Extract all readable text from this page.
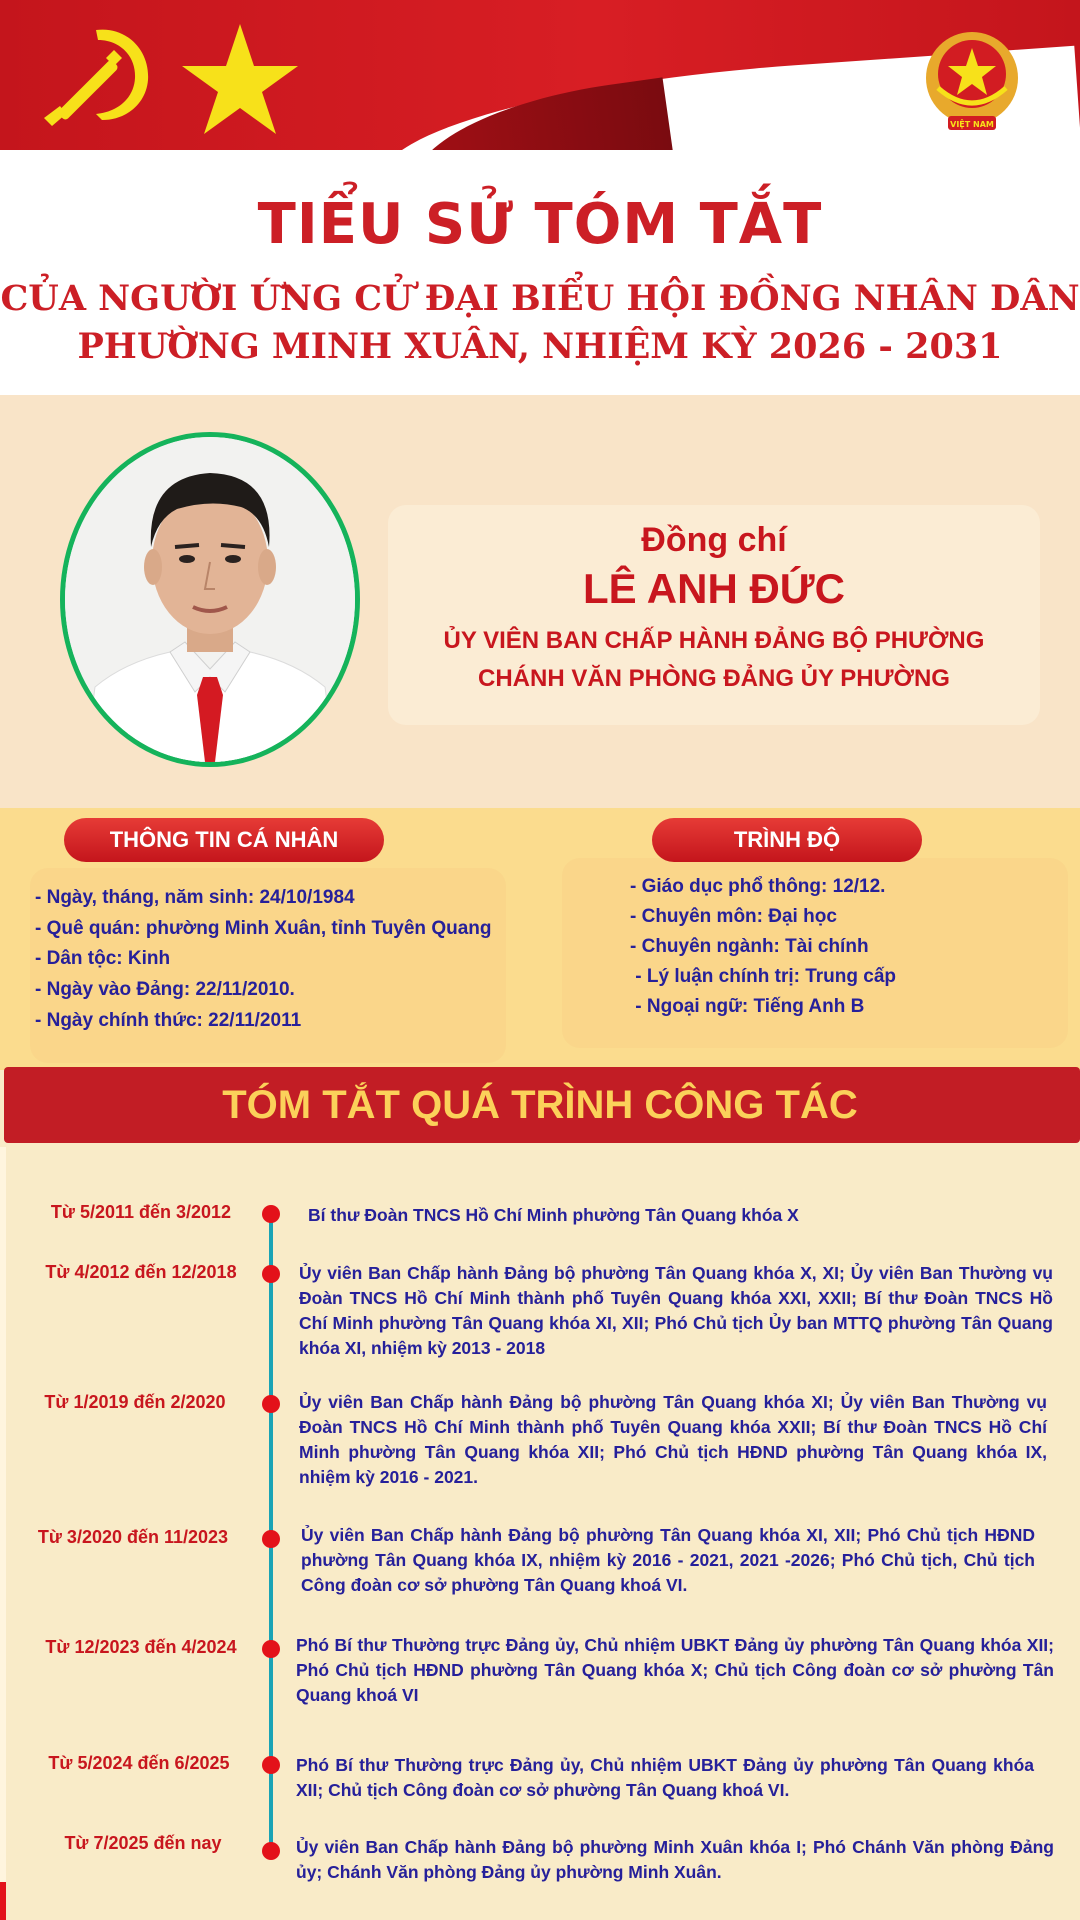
VIỆT NAM
TIỂU SỬ TÓM TẮT
CỦA NGƯỜI ỨNG CỬ ĐẠI BIỂU HỘI ĐỒNG NHÂN DÂN
PHƯỜNG MINH XUÂN, NHIỆM KỲ 2026 - 2031
Đồng chí
LÊ ANH ĐỨC
ỦY VIÊN BAN CHẤP HÀNH ĐẢNG BỘ PHƯỜNG
CHÁNH VĂN PHÒNG ĐẢNG ỦY PHƯỜNG
THÔNG TIN CÁ NHÂN	TRÌNH ĐỘ
- Ngày, tháng, năm sinh: 24/10/1984
- Quê quán: phường Minh Xuân, tỉnh Tuyên Quang
- Dân tộc: Kinh
- Ngày vào Đảng: 22/11/2010.
- Ngày chính thức: 22/11/2011
- Giáo dục phổ thông: 12/12.
- Chuyên môn: Đại học
- Chuyên ngành: Tài chính
- Lý luận chính trị: Trung cấp
- Ngoại ngữ: Tiếng Anh B
TÓM TẮT QUÁ TRÌNH CÔNG TÁC
Từ 5/2011 đến 3/2012	Bí thư Đoàn TNCS Hồ Chí Minh phường Tân Quang khóa X
Từ 4/2012 đến 12/2018	Ủy viên Ban Chấp hành Đảng bộ phường Tân Quang khóa X, XI; Ủy viên Ban Thường vụ Đoàn TNCS Hồ Chí Minh thành phố Tuyên Quang khóa XXI, XXII; Bí thư Đoàn TNCS Hồ Chí Minh phường Tân Quang khóa XI, XII; Phó Chủ tịch Ủy ban MTTQ phường Tân Quang khóa XI, nhiệm kỳ 2013 - 2018
Từ 1/2019 đến 2/2020	Ủy viên Ban Chấp hành Đảng bộ phường Tân Quang khóa XI; Ủy viên Ban Thường vụ Đoàn TNCS Hồ Chí Minh thành phố Tuyên Quang khóa XXII; Bí thư Đoàn TNCS Hồ Chí Minh phường Tân Quang khóa XII; Phó Chủ tịch HĐND phường Tân Quang khóa IX, nhiệm kỳ 2016 - 2021.
Từ 3/2020 đến 11/2023	Ủy viên Ban Chấp hành Đảng bộ phường Tân Quang khóa XI, XII; Phó Chủ tịch HĐND phường Tân Quang khóa IX, nhiệm kỳ 2016 - 2021, 2021 -2026; Phó Chủ tịch, Chủ tịch Công đoàn cơ sở phường Tân Quang khoá VI.
Từ 12/2023 đến 4/2024	Phó Bí thư Thường trực Đảng ủy, Chủ nhiệm UBKT Đảng ủy phường Tân Quang khóa XII; Phó Chủ tịch HĐND phường Tân Quang khóa X; Chủ tịch Công đoàn cơ sở phường Tân Quang khoá VI
Từ 5/2024 đến 6/2025	Phó Bí thư Thường trực Đảng ủy, Chủ nhiệm UBKT Đảng ủy phường Tân Quang khóa XII; Chủ tịch Công đoàn cơ sở phường Tân Quang khoá VI.
Từ 7/2025 đến nay	Ủy viên Ban Chấp hành Đảng bộ phường Minh Xuân khóa I; Phó Chánh Văn phòng Đảng ủy; Chánh Văn phòng Đảng ủy phường Minh Xuân.
